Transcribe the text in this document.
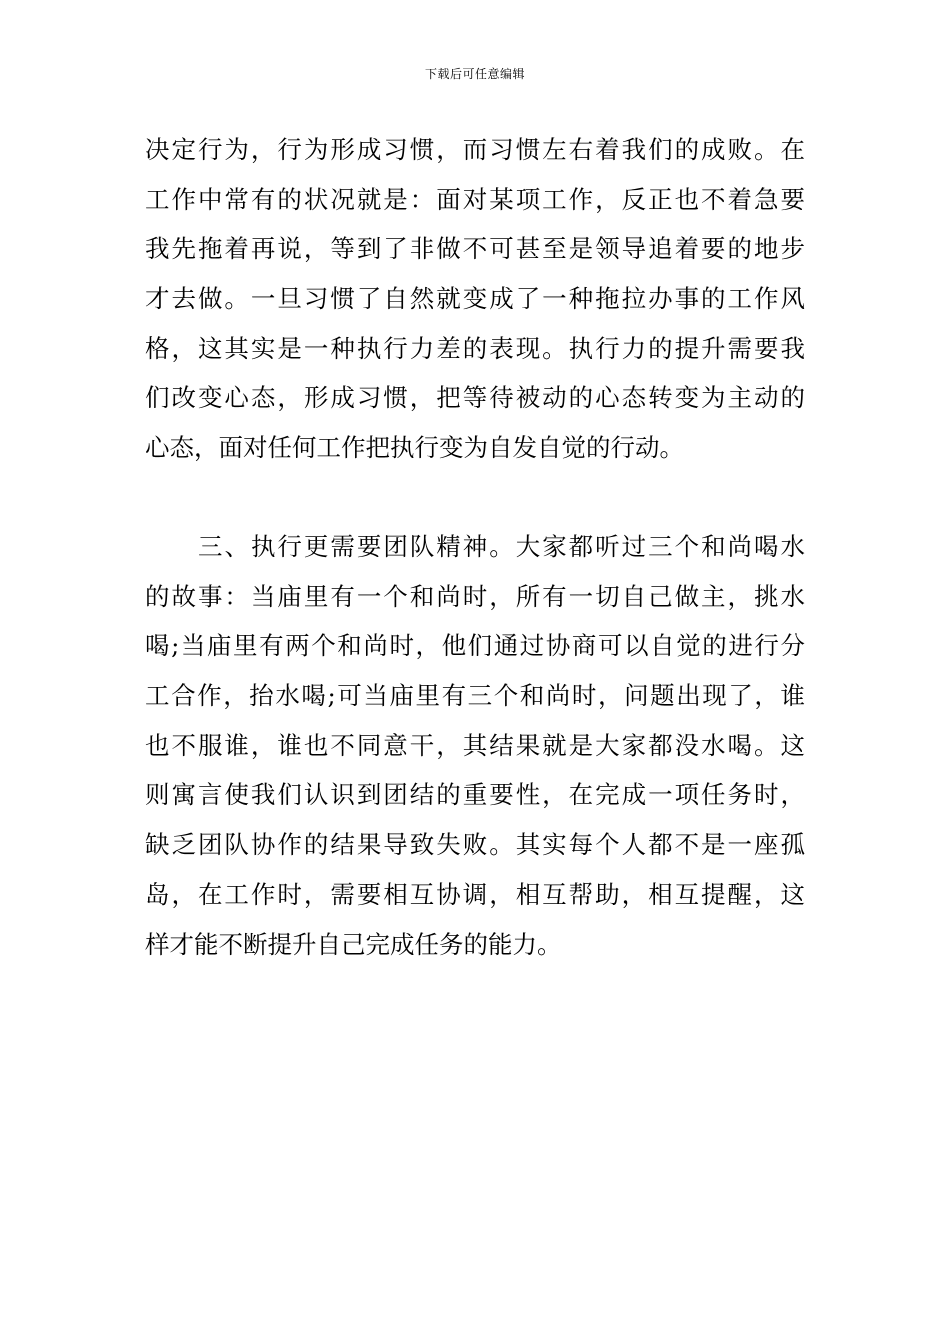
下载后可任意编辑
决定行为，行为形成习惯，而习惯左右着我们的成败。在
工作中常有的状况就是：面对某项工作，反正也不着急要
我先拖着再说，等到了非做不可甚至是领导追着要的地步
才去做。一旦习惯了自然就变成了一种拖拉办事的工作风
格，这其实是一种执行力差的表现。执行力的提升需要我
们改变心态，形成习惯，把等待被动的心态转变为主动的
心态，面对任何工作把执行变为自发自觉的行动。
三、执行更需要团队精神。大家都听过三个和尚喝水
的故事：当庙里有一个和尚时，所有一切自己做主，挑水
喝;当庙里有两个和尚时，他们通过协商可以自觉的进行分
工合作，抬水喝;可当庙里有三个和尚时，问题出现了，谁
也不服谁，谁也不同意干，其结果就是大家都没水喝。这
则寓言使我们认识到团结的重要性，在完成一项任务时，
缺乏团队协作的结果导致失败。其实每个人都不是一座孤
岛，在工作时，需要相互协调，相互帮助，相互提醒，这
样才能不断提升自己完成任务的能力。
